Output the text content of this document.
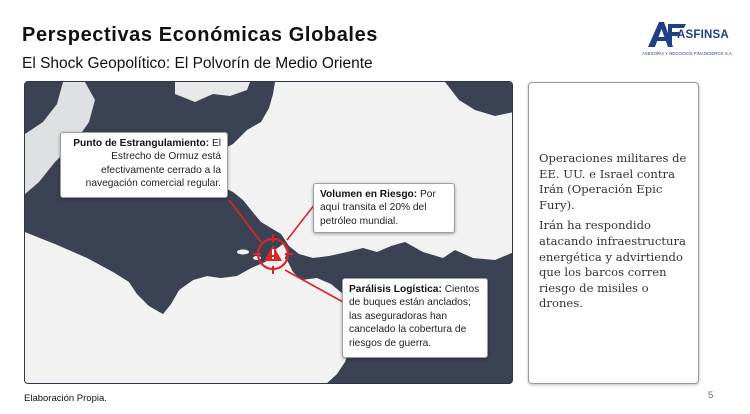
Perspectivas Económicas Globales
El Shock Geopolítico: El Polvorín de Medio Oriente
ASFINSA
ASESORÍA Y NEGOCIOS FINANCIEROS S.A.
Punto de Estrangulamiento: El Estrecho de Ormuz está efectivamente cerrado a la navegación comercial regular.
Volumen en Riesgo: Por aquí transita el 20% del petróleo mundial.
Parálisis Logística: Cientos de buques están anclados; las aseguradoras han cancelado la cobertura de riesgos de guerra.

Operaciones militares de EE. UU. e Israel contra Irán (Operación Epic Fury).

Irán ha respondido atacando infraestructura energética y advirtiendo que los barcos corren riesgo de misiles o drones.

Elaboración Propia.	5
